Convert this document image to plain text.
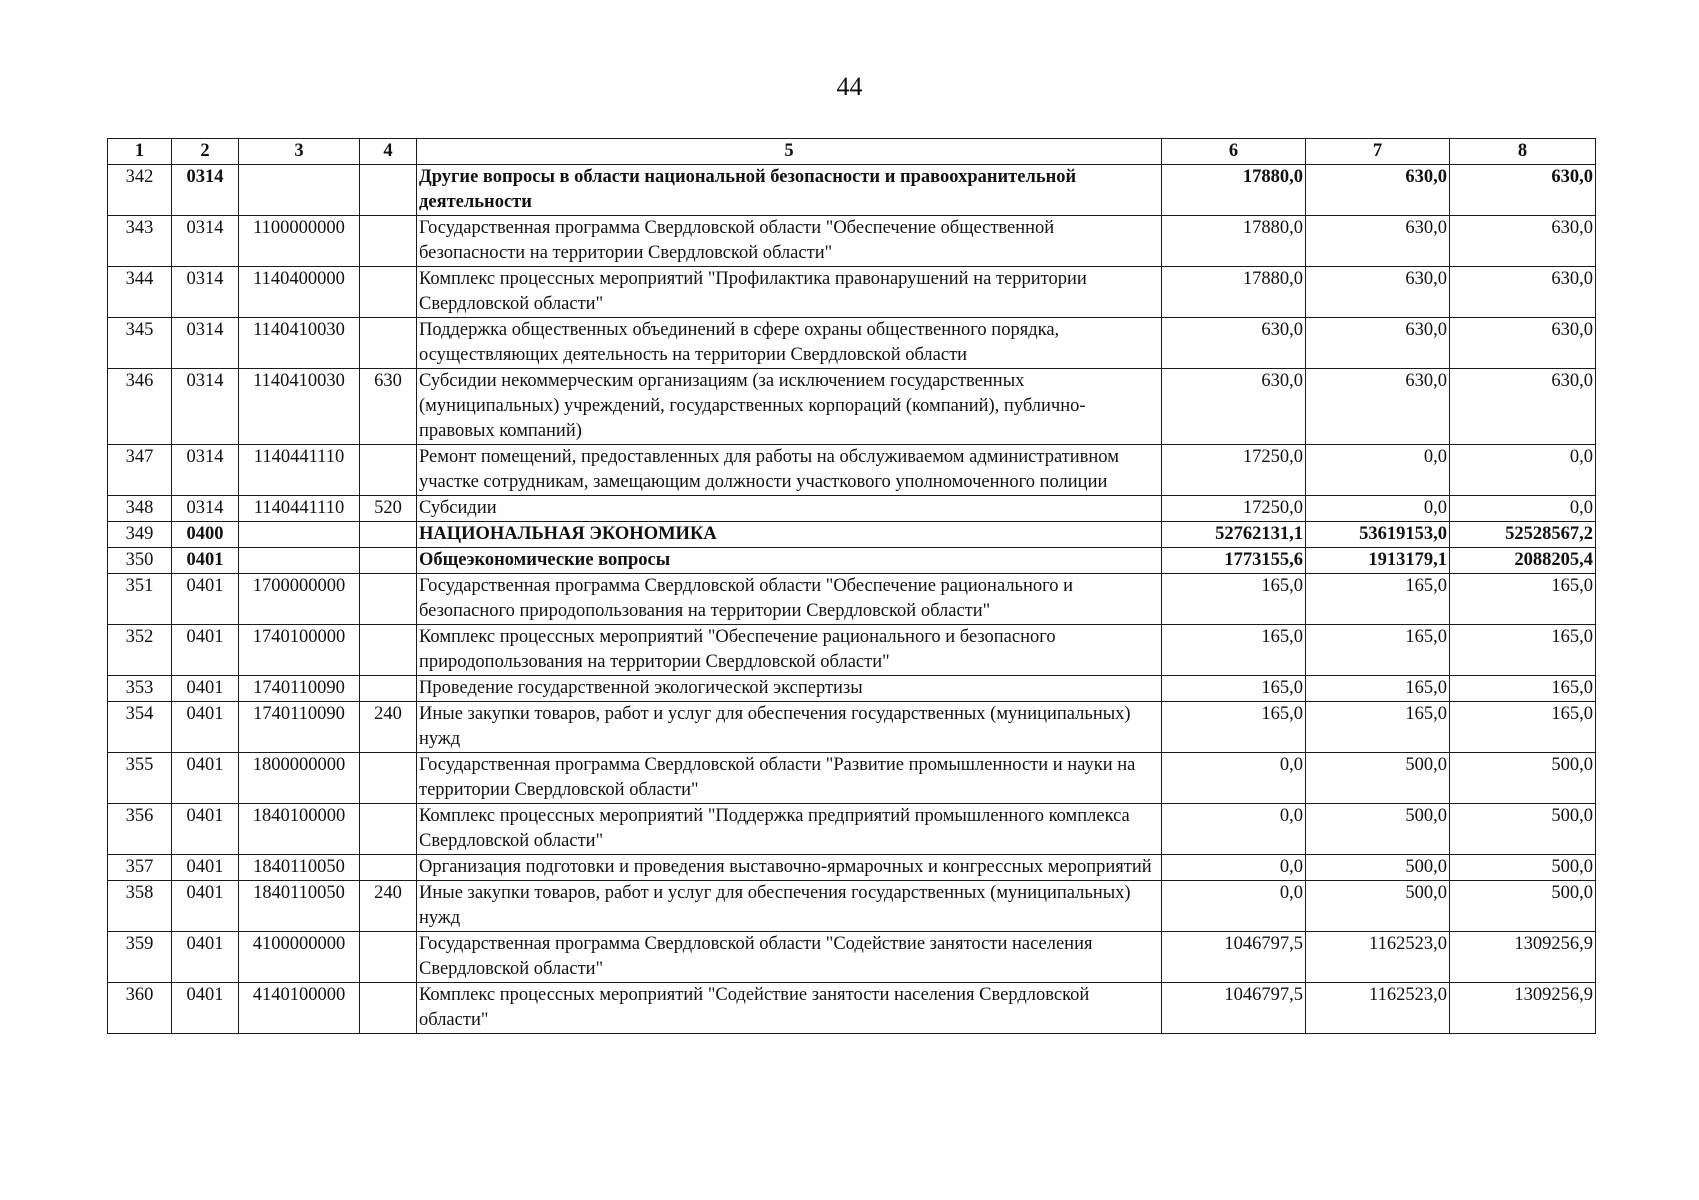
44
1	2	3	4	5	6	7	8
342	0314			Другие вопросы в области национальной безопасности и правоохранительной деятельности	17880,0	630,0	630,0
343	0314	1100000000		Государственная программа Свердловской области "Обеспечение общественной безопасности на территории Свердловской области"	17880,0	630,0	630,0
344	0314	1140400000		Комплекс процессных мероприятий "Профилактика правонарушений на территории Свердловской области"	17880,0	630,0	630,0
345	0314	1140410030		Поддержка общественных объединений в сфере охраны общественного порядка, осуществляющих деятельность на территории Свердловской области	630,0	630,0	630,0
346	0314	1140410030	630	Субсидии некоммерческим организациям (за исключением государственных (муниципальных) учреждений, государственных корпораций (компаний), публично-правовых компаний)	630,0	630,0	630,0
347	0314	1140441110		Ремонт помещений, предоставленных для работы на обслуживаемом административном участке сотрудникам, замещающим должности участкового уполномоченного полиции	17250,0	0,0	0,0
348	0314	1140441110	520	Субсидии	17250,0	0,0	0,0
349	0400			НАЦИОНАЛЬНАЯ ЭКОНОМИКА	52762131,1	53619153,0	52528567,2
350	0401			Общеэкономические вопросы	1773155,6	1913179,1	2088205,4
351	0401	1700000000		Государственная программа Свердловской области "Обеспечение рационального и безопасного природопользования на территории Свердловской области"	165,0	165,0	165,0
352	0401	1740100000		Комплекс процессных мероприятий "Обеспечение рационального и безопасного природопользования на территории Свердловской области"	165,0	165,0	165,0
353	0401	1740110090		Проведение государственной экологической экспертизы	165,0	165,0	165,0
354	0401	1740110090	240	Иные закупки товаров, работ и услуг для обеспечения государственных (муниципальных) нужд	165,0	165,0	165,0
355	0401	1800000000		Государственная программа Свердловской области "Развитие промышленности и науки на территории Свердловской области"	0,0	500,0	500,0
356	0401	1840100000		Комплекс процессных мероприятий "Поддержка предприятий промышленного комплекса Свердловской области"	0,0	500,0	500,0
357	0401	1840110050		Организация подготовки и проведения выставочно-ярмарочных и конгрессных мероприятий	0,0	500,0	500,0
358	0401	1840110050	240	Иные закупки товаров, работ и услуг для обеспечения государственных (муниципальных) нужд	0,0	500,0	500,0
359	0401	4100000000		Государственная программа Свердловской области "Содействие занятости населения Свердловской области"	1046797,5	1162523,0	1309256,9
360	0401	4140100000		Комплекс процессных мероприятий "Содействие занятости населения Свердловской области"	1046797,5	1162523,0	1309256,9
